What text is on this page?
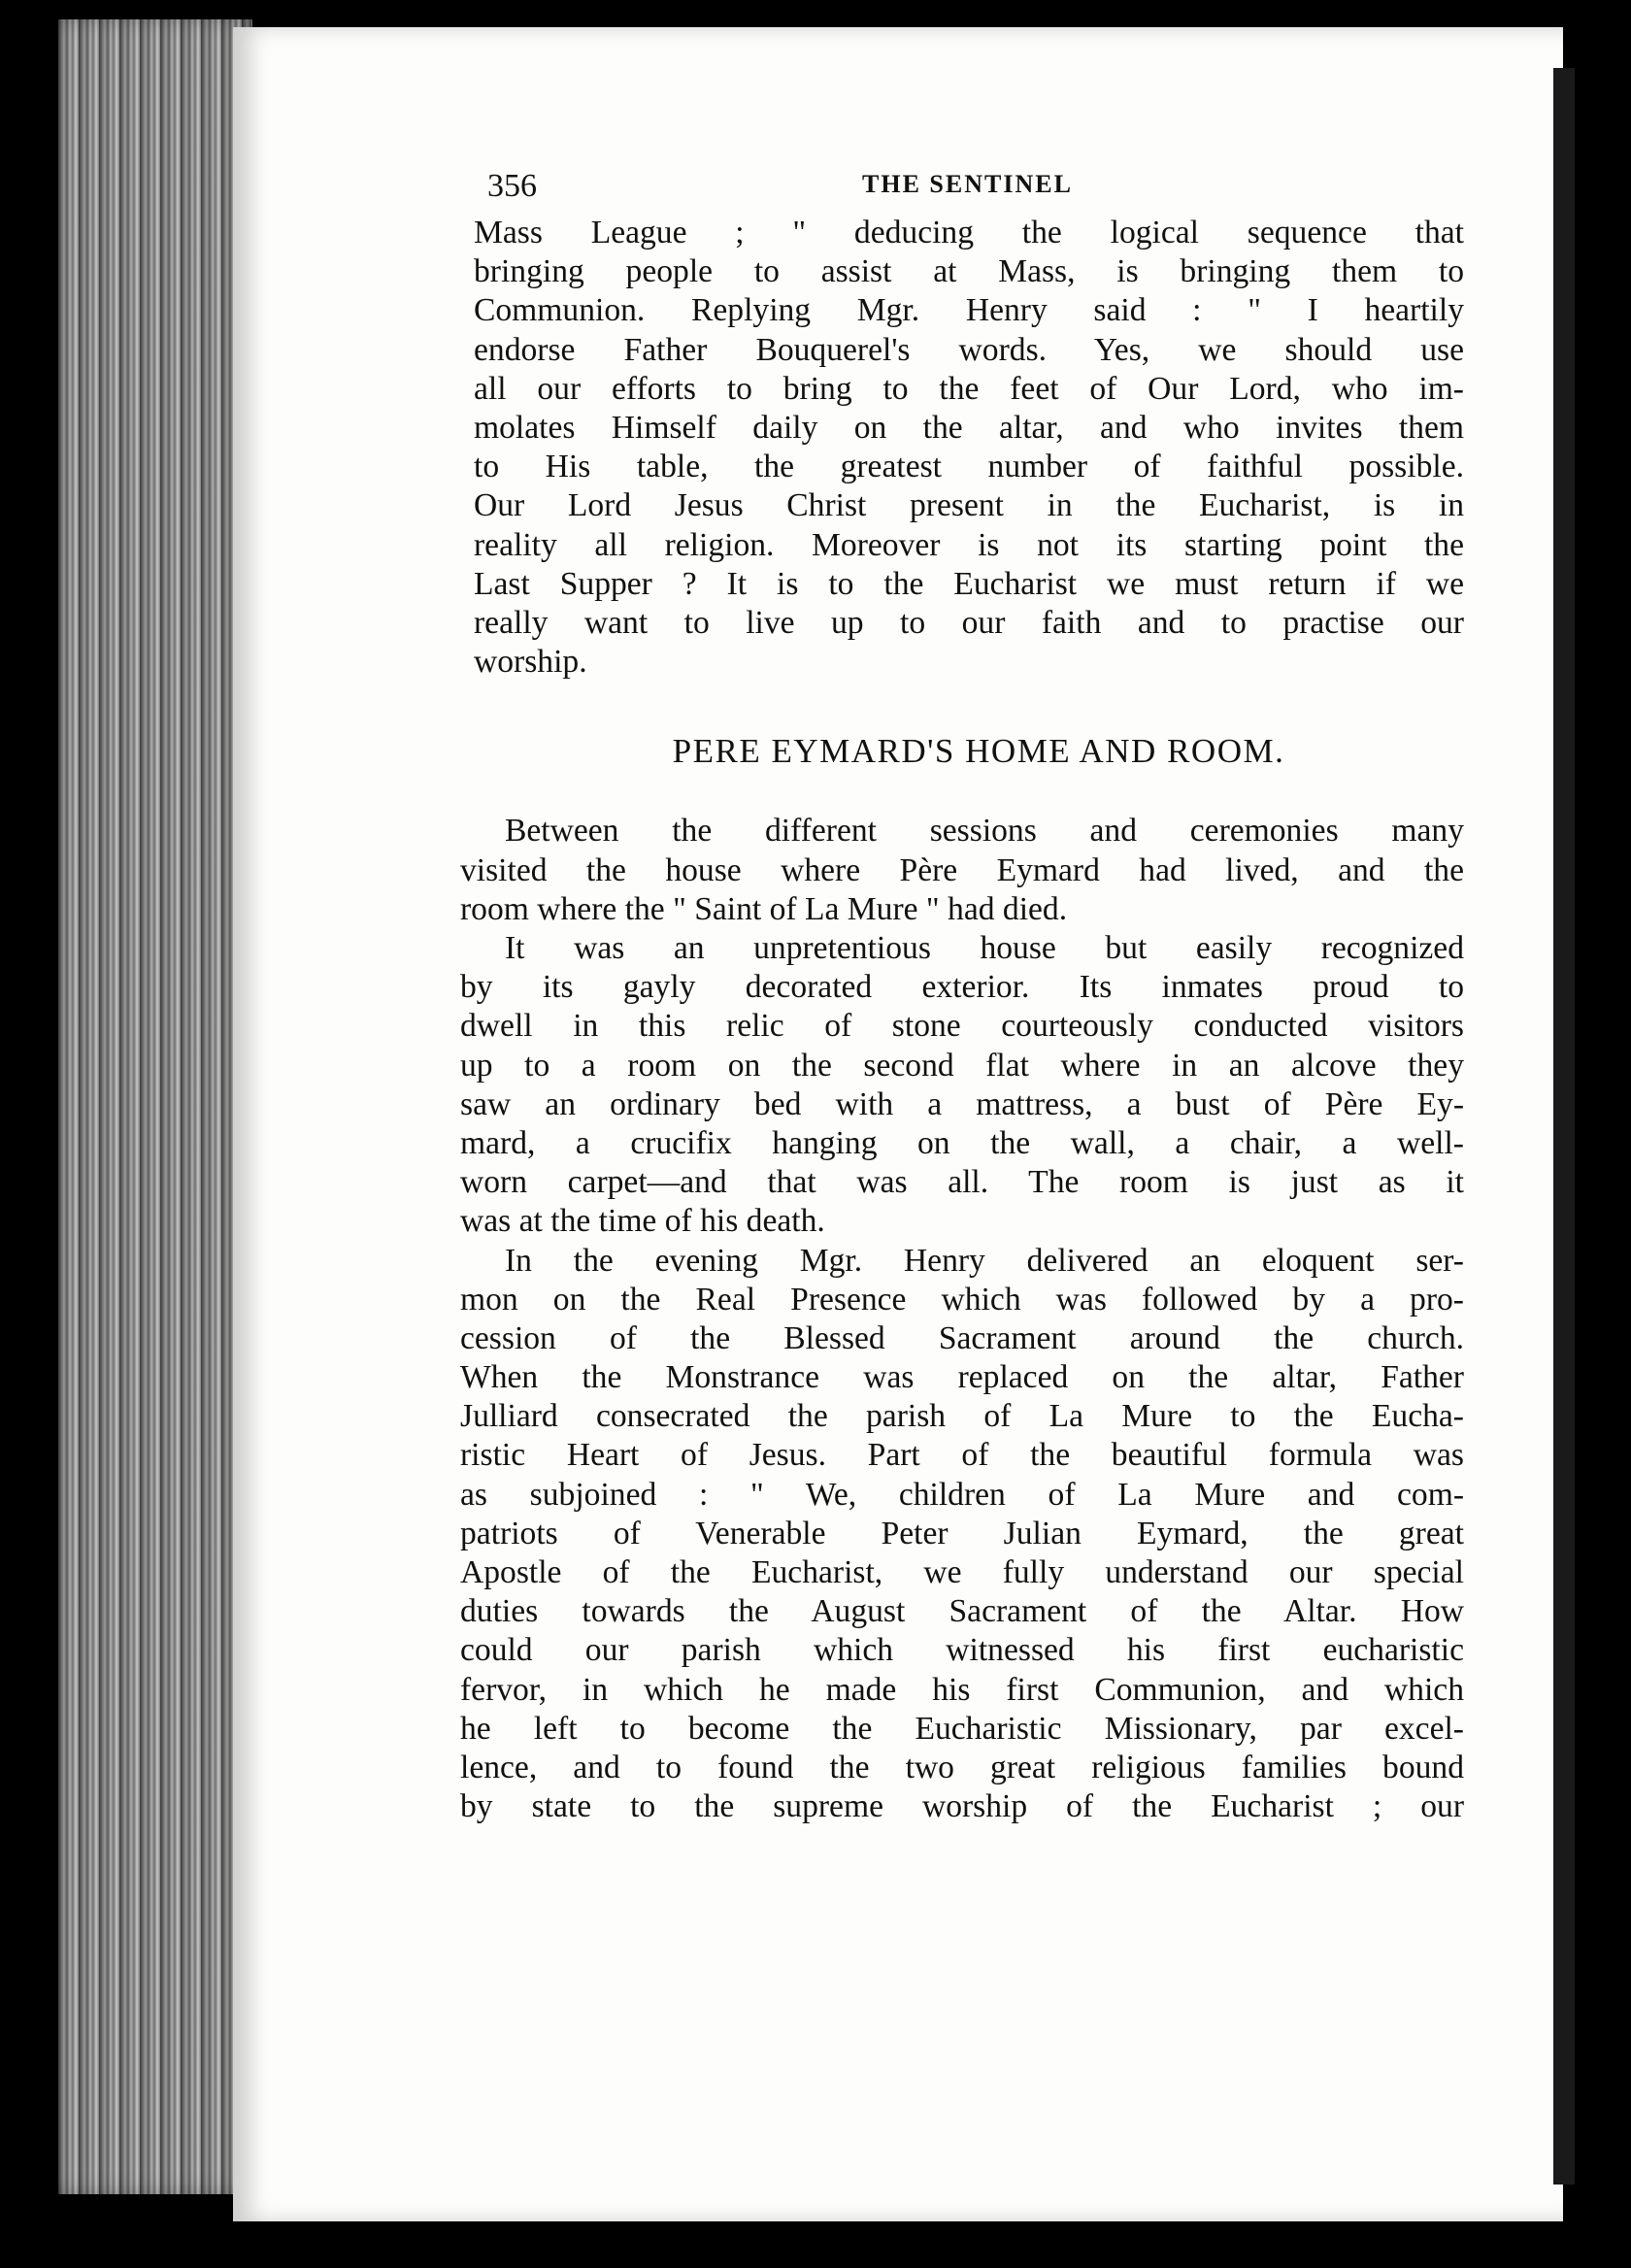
356	THE SENTINEL
Mass League ; " deducing the logical sequence that
bringing people to assist at Mass, is bringing them to
Communion. Replying Mgr. Henry said : " I heartily
endorse Father Bouquerel's words. Yes, we should use
all our efforts to bring to the feet of Our Lord, who im-
molates Himself daily on the altar, and who invites them
to His table, the greatest number of faithful possible.
Our Lord Jesus Christ present in the Eucharist, is in
reality all religion. Moreover is not its starting point the
Last Supper ? It is to the Eucharist we must return if we
really want to live up to our faith and to practise our
worship.
PERE EYMARD'S HOME AND ROOM.
Between the different sessions and ceremonies many
visited the house where Père Eymard had lived, and the
room where the " Saint of La Mure " had died.
It was an unpretentious house but easily recognized
by its gayly decorated exterior. Its inmates proud to
dwell in this relic of stone courteously conducted visitors
up to a room on the second flat where in an alcove they
saw an ordinary bed with a mattress, a bust of Père Ey-
mard, a crucifix hanging on the wall, a chair, a well-
worn carpet—and that was all. The room is just as it
was at the time of his death.
In the evening Mgr. Henry delivered an eloquent ser-
mon on the Real Presence which was followed by a pro-
cession of the Blessed Sacrament around the church.
When the Monstrance was replaced on the altar, Father
Julliard consecrated the parish of La Mure to the Eucha-
ristic Heart of Jesus. Part of the beautiful formula was
as subjoined : " We, children of La Mure and com-
patriots of Venerable Peter Julian Eymard, the great
Apostle of the Eucharist, we fully understand our special
duties towards the August Sacrament of the Altar. How
could our parish which witnessed his first eucharistic
fervor, in which he made his first Communion, and which
he left to become the Eucharistic Missionary, par excel-
lence, and to found the two great religious families bound
by state to the supreme worship of the Eucharist ; our
